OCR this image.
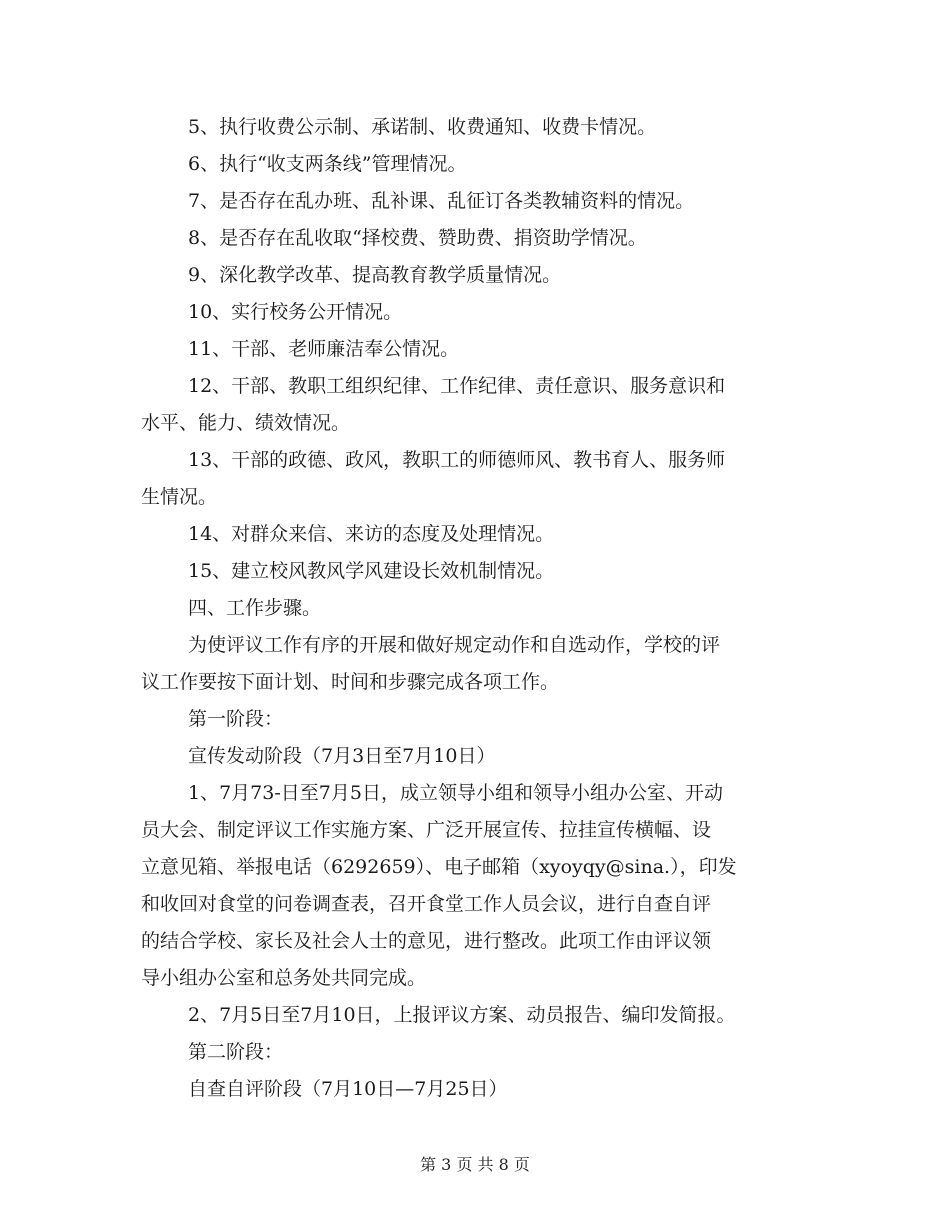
5、执行收费公示制、承诺制、收费通知、收费卡情况。
6、执行“收支两条线”管理情况。
7、是否存在乱办班、乱补课、乱征订各类教辅资料的情况。
8、是否存在乱收取“择校费、赞助费、捐资助学情况。
9、深化教学改革、提高教育教学质量情况。
10、实行校务公开情况。
11、干部、老师廉洁奉公情况。
12、干部、教职工组织纪律、工作纪律、责任意识、服务意识和
水平、能力、绩效情况。
13、干部的政德、政风，教职工的师德师风、教书育人、服务师
生情况。
14、对群众来信、来访的态度及处理情况。
15、建立校风教风学风建设长效机制情况。
四、工作步骤。
为使评议工作有序的开展和做好规定动作和自选动作，学校的评
议工作要按下面计划、时间和步骤完成各项工作。
第一阶段：
宣传发动阶段（7月3日至7月10日）
1、7月73-日至7月5日，成立领导小组和领导小组办公室、开动
员大会、制定评议工作实施方案、广泛开展宣传、拉挂宣传横幅、设
立意见箱、举报电话（6292659）、电子邮箱（xyoyqy@sina.），印发
和收回对食堂的问卷调查表，召开食堂工作人员会议，进行自查自评
的结合学校、家长及社会人士的意见，进行整改。此项工作由评议领
导小组办公室和总务处共同完成。
2、7月5日至7月10日，上报评议方案、动员报告、编印发简报。
第二阶段：
自查自评阶段（7月10日—7月25日）
第 3 页 共 8 页
